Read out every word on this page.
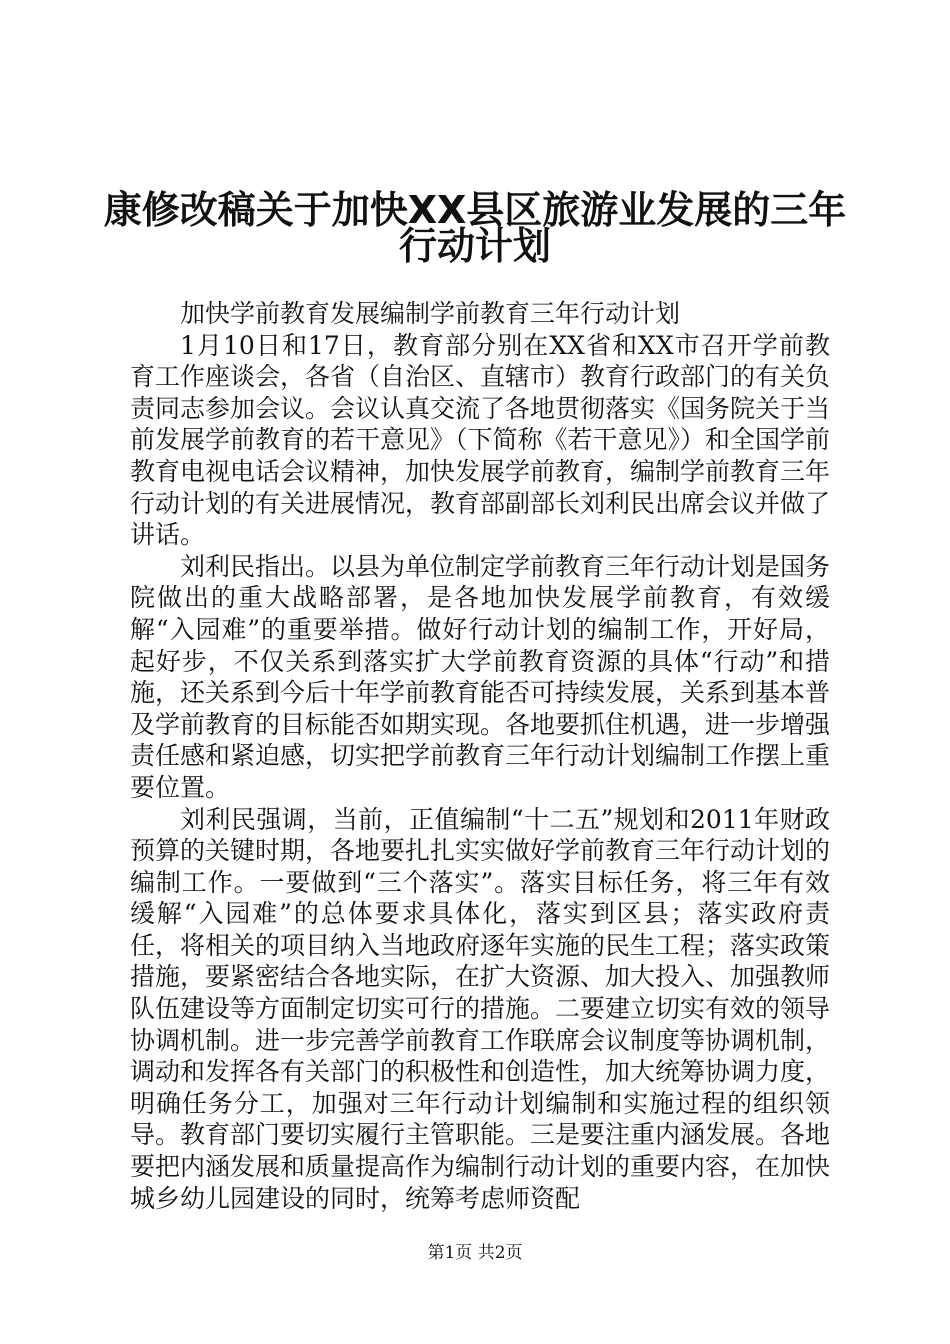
康修改稿关于加快XX县区旅游业发展的三年
行动计划

加快学前教育发展编制学前教育三年行动计划

1月10日和17日，教育部分别在XX省和XX市召开学前教育工作座谈会，各省（自治区、直辖市）教育行政部门的有关负责同志参加会议。会议认真交流了各地贯彻落实《国务院关于当前发展学前教育的若干意见》（下简称《若干意见》）和全国学前教育电视电话会议精神，加快发展学前教育，编制学前教育三年行动计划的有关进展情况，教育部副部长刘利民出席会议并做了讲话。

刘利民指出。以县为单位制定学前教育三年行动计划是国务院做出的重大战略部署，是各地加快发展学前教育，有效缓解“入园难”的重要举措。做好行动计划的编制工作，开好局，起好步，不仅关系到落实扩大学前教育资源的具体“行动”和措施，还关系到今后十年学前教育能否可持续发展，关系到基本普及学前教育的目标能否如期实现。各地要抓住机遇，进一步增强责任感和紧迫感，切实把学前教育三年行动计划编制工作摆上重要位置。

刘利民强调，当前，正值编制“十二五”规划和2011年财政预算的关键时期，各地要扎扎实实做好学前教育三年行动计划的编制工作。一要做到“三个落实”。落实目标任务，将三年有效缓解“入园难”的总体要求具体化，落实到区县；落实政府责任，将相关的项目纳入当地政府逐年实施的民生工程；落实政策措施，要紧密结合各地实际，在扩大资源、加大投入、加强教师队伍建设等方面制定切实可行的措施。二要建立切实有效的领导协调机制。进一步完善学前教育工作联席会议制度等协调机制，调动和发挥各有关部门的积极性和创造性，加大统筹协调力度，明确任务分工，加强对三年行动计划编制和实施过程的组织领导。教育部门要切实履行主管职能。三是要注重内涵发展。各地要把内涵发展和质量提高作为编制行动计划的重要内容，在加快城乡幼儿园建设的同时，统筹考虑师资配

第1页 共2页
